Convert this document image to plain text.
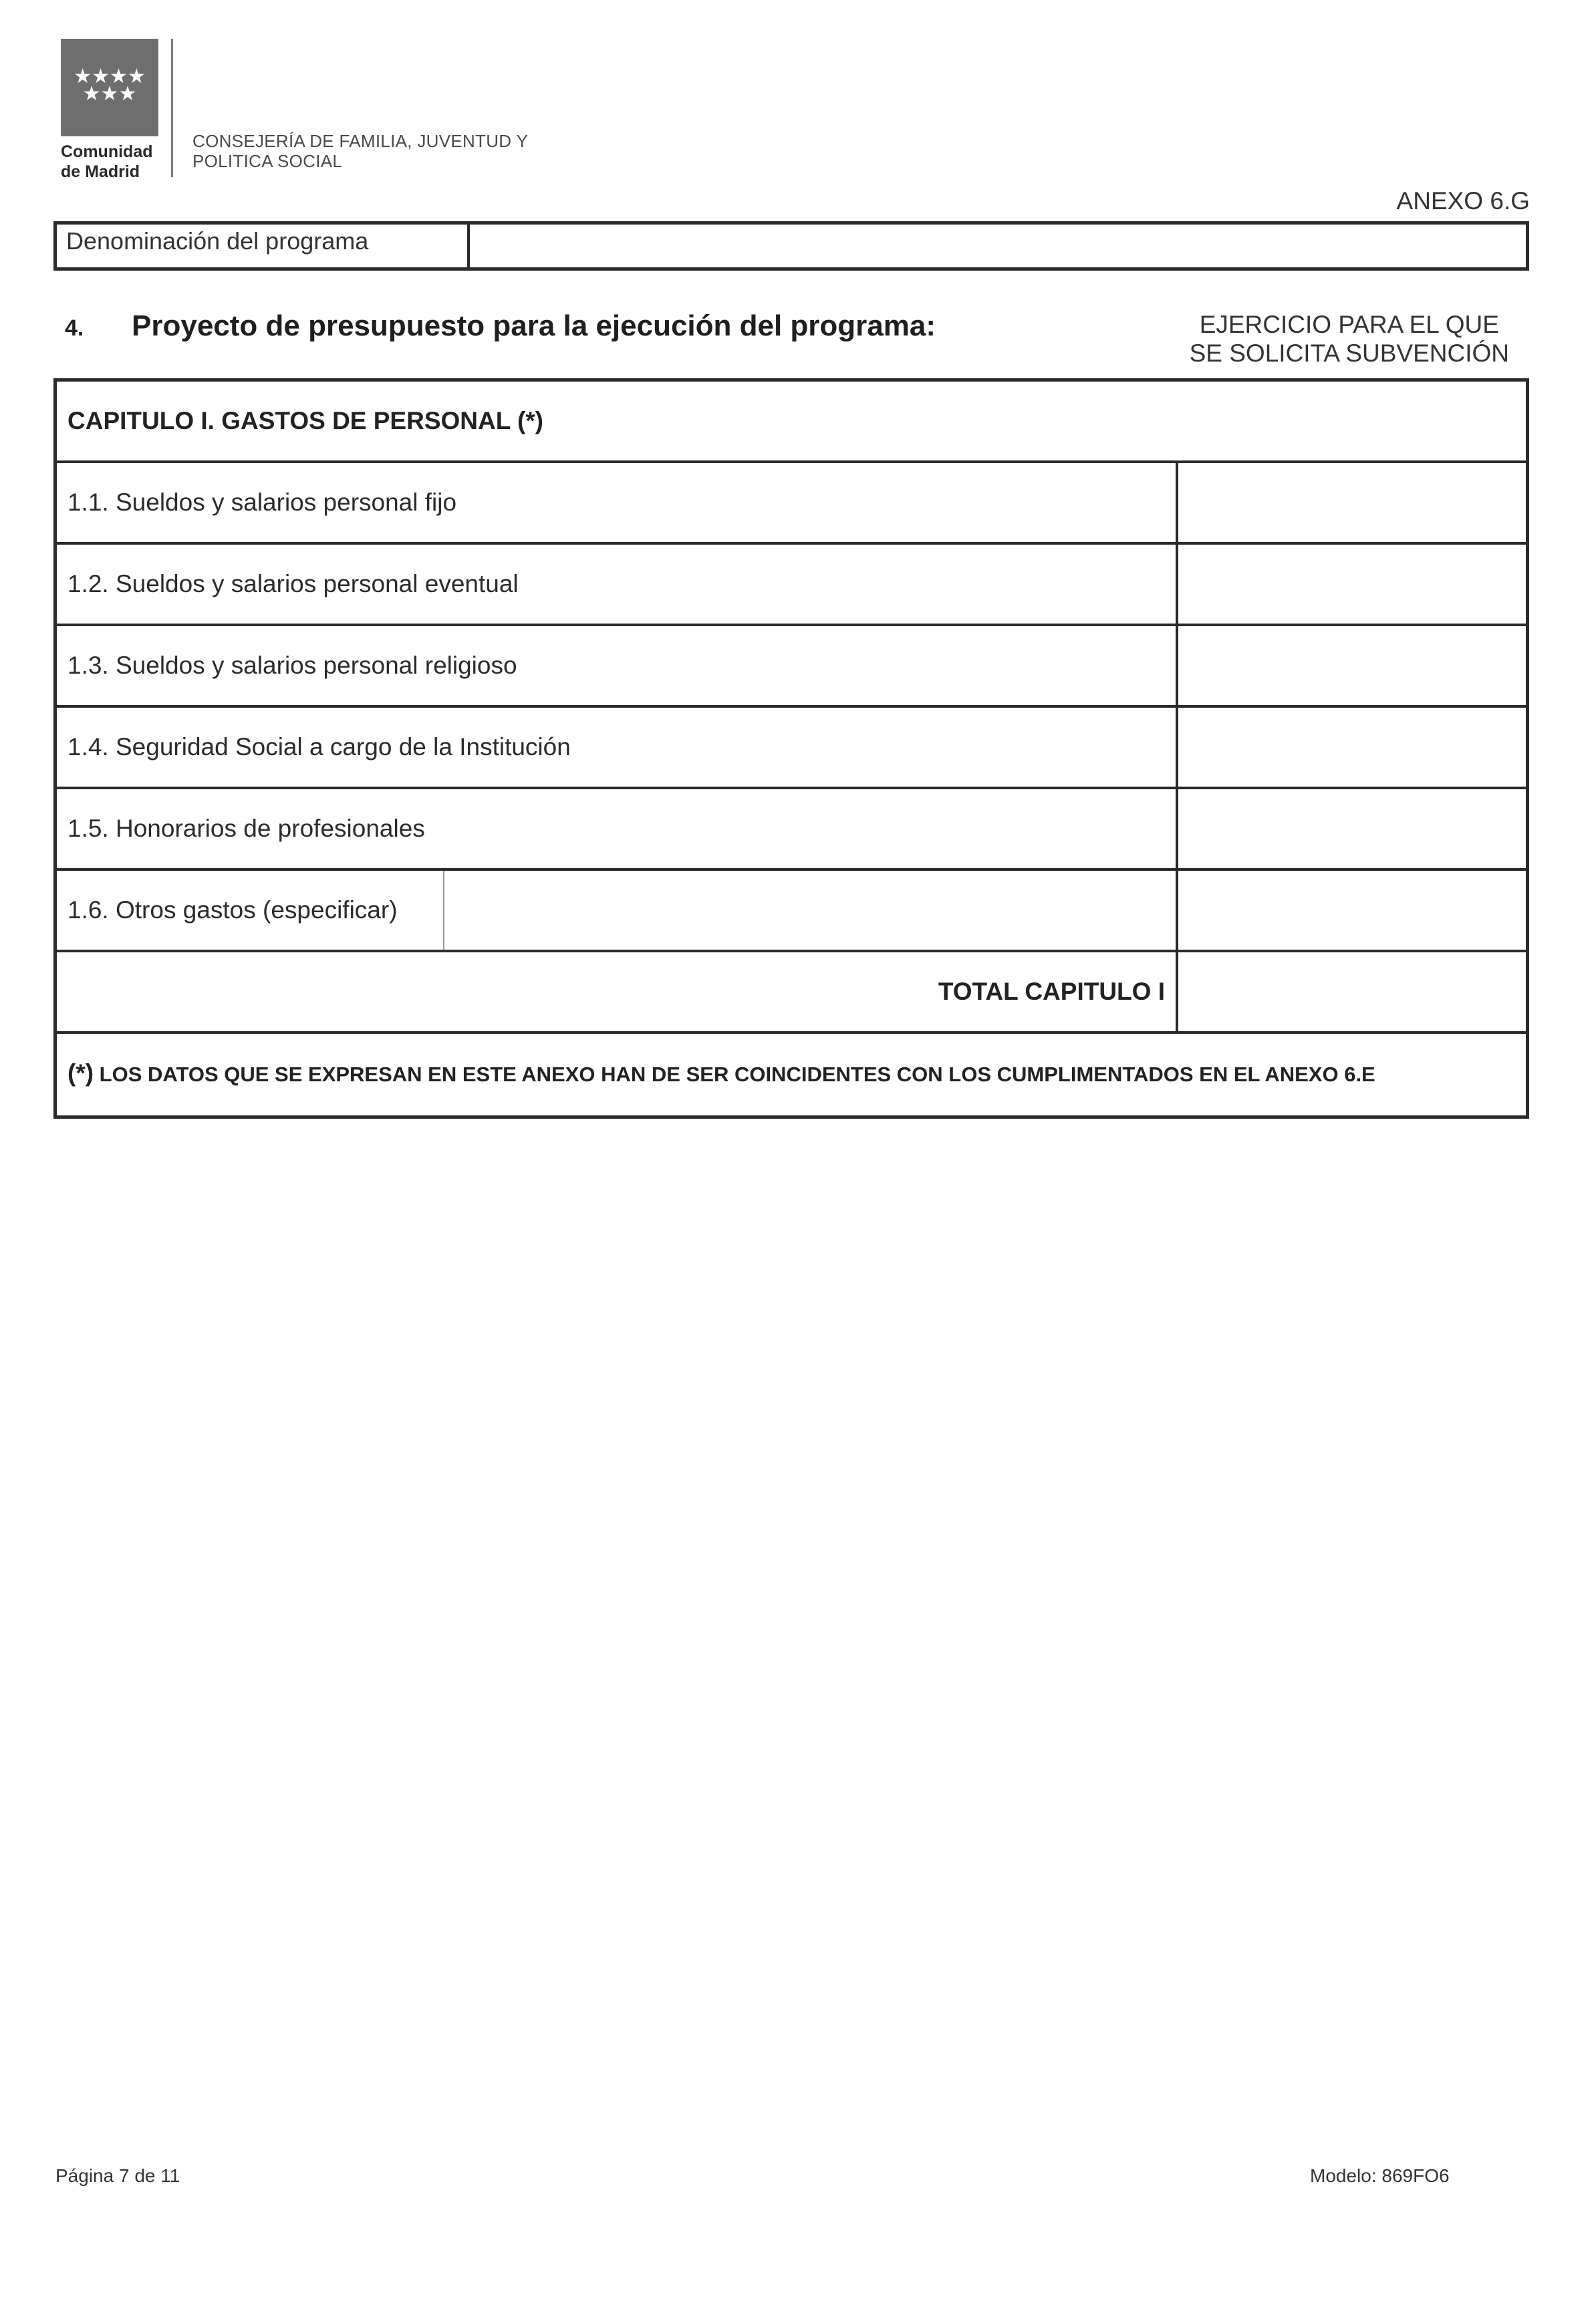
★★★★
★★★
Comunidad
de Madrid
CONSEJERÍA DE FAMILIA, JUVENTUD Y
POLITICA SOCIAL
ANEXO 6.G
Denominación del programa
4. Proyecto de presupuesto para la ejecución del programa:	EJERCICIO PARA EL QUE
SE SOLICITA SUBVENCIÓN
CAPITULO I. GASTOS DE PERSONAL (*)
1.1. Sueldos y salarios personal fijo
1.2. Sueldos y salarios personal eventual
1.3. Sueldos y salarios personal religioso
1.4. Seguridad Social a cargo de la Institución
1.5. Honorarios de profesionales
1.6. Otros gastos (especificar)
TOTAL CAPITULO I
(*) LOS DATOS QUE SE EXPRESAN EN ESTE ANEXO HAN DE SER COINCIDENTES CON LOS CUMPLIMENTADOS EN EL ANEXO 6.E
Página 7 de 11	Modelo: 869FO6
